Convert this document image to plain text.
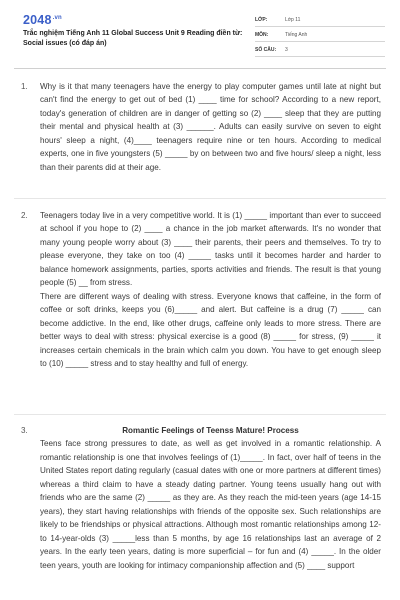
$2048^{.vn}$
Trắc nghiệm Tiếng Anh 11 Global Success Unit 9 Reading điền từ: Social issues (có đáp án)
LỚP:	Lớp 11
MÔN:	Tiếng Anh
SỐ CÂU: 3
1. Why is it that many teenagers have the energy to play computer games until late at night but can't find the energy to get out of bed (1) ____ time for school? According to a new report, today's generation of children are in danger of getting so (2) ____ sleep that they are putting their mental and physical health at (3) ______. Adults can easily survive on seven to eight hours' sleep a night, (4)____ teenagers require nine or ten hours. According to medical experts, one in five youngsters (5) _____ by on between two and five hours/ sleep a night, less than their parents did at their age.

2. Teenagers today live in a very competitive world. It is (1) _____ important than ever to succeed at school if you hope to (2) ____ a chance in the job market afterwards. It's no wonder that many young people worry about (3) ____ their parents, their peers and themselves. To try to please everyone, they take on too (4) _____ tasks until it becomes harder and harder to balance homework assignments, parties, sports activities and friends. The result is that young people (5) __ from stress.

There are different ways of dealing with stress. Everyone knows that caffeine, in the form of coffee or soft drinks, keeps you (6)_____ and alert. But caffeine is a drug (7) _____ can become addictive. In the end, like other drugs, caffeine only leads to more stress. There are better ways to deal with stress: physical exercise is a good (8) _____ for stress, (9) _____ it increases certain chemicals in the brain which calm you down. You have to get enough sleep to (10) _____ stress and to stay healthy and full of energy.

3.	Romantic Feelings of Teenss Mature! Process

Teens face strong pressures to date, as well as get involved in a romantic relationship. A romantic relationship is one that involves feelings of (1)_____. In fact, over half of teens in the United States report dating regularly (casual dates with one or more partners at different times) whereas a third claim to have a steady dating partner. Young teens usually hang out with friends who are the same (2) _____ as they are. As they reach the mid-teen years (age 14-15 years), they start having relationships with friends of the opposite sex. Such relationships are likely to be friendships or physical attractions. Although most romantic relationships among 12- to 14-year-olds (3) _____less than 5 months, by age 16 relationships last an average of 2 years. In the early teen years, dating is more superficial – for fun and (4) _____. In the older teen years, youth are looking for intimacy companionship affection and (5) ____ support
